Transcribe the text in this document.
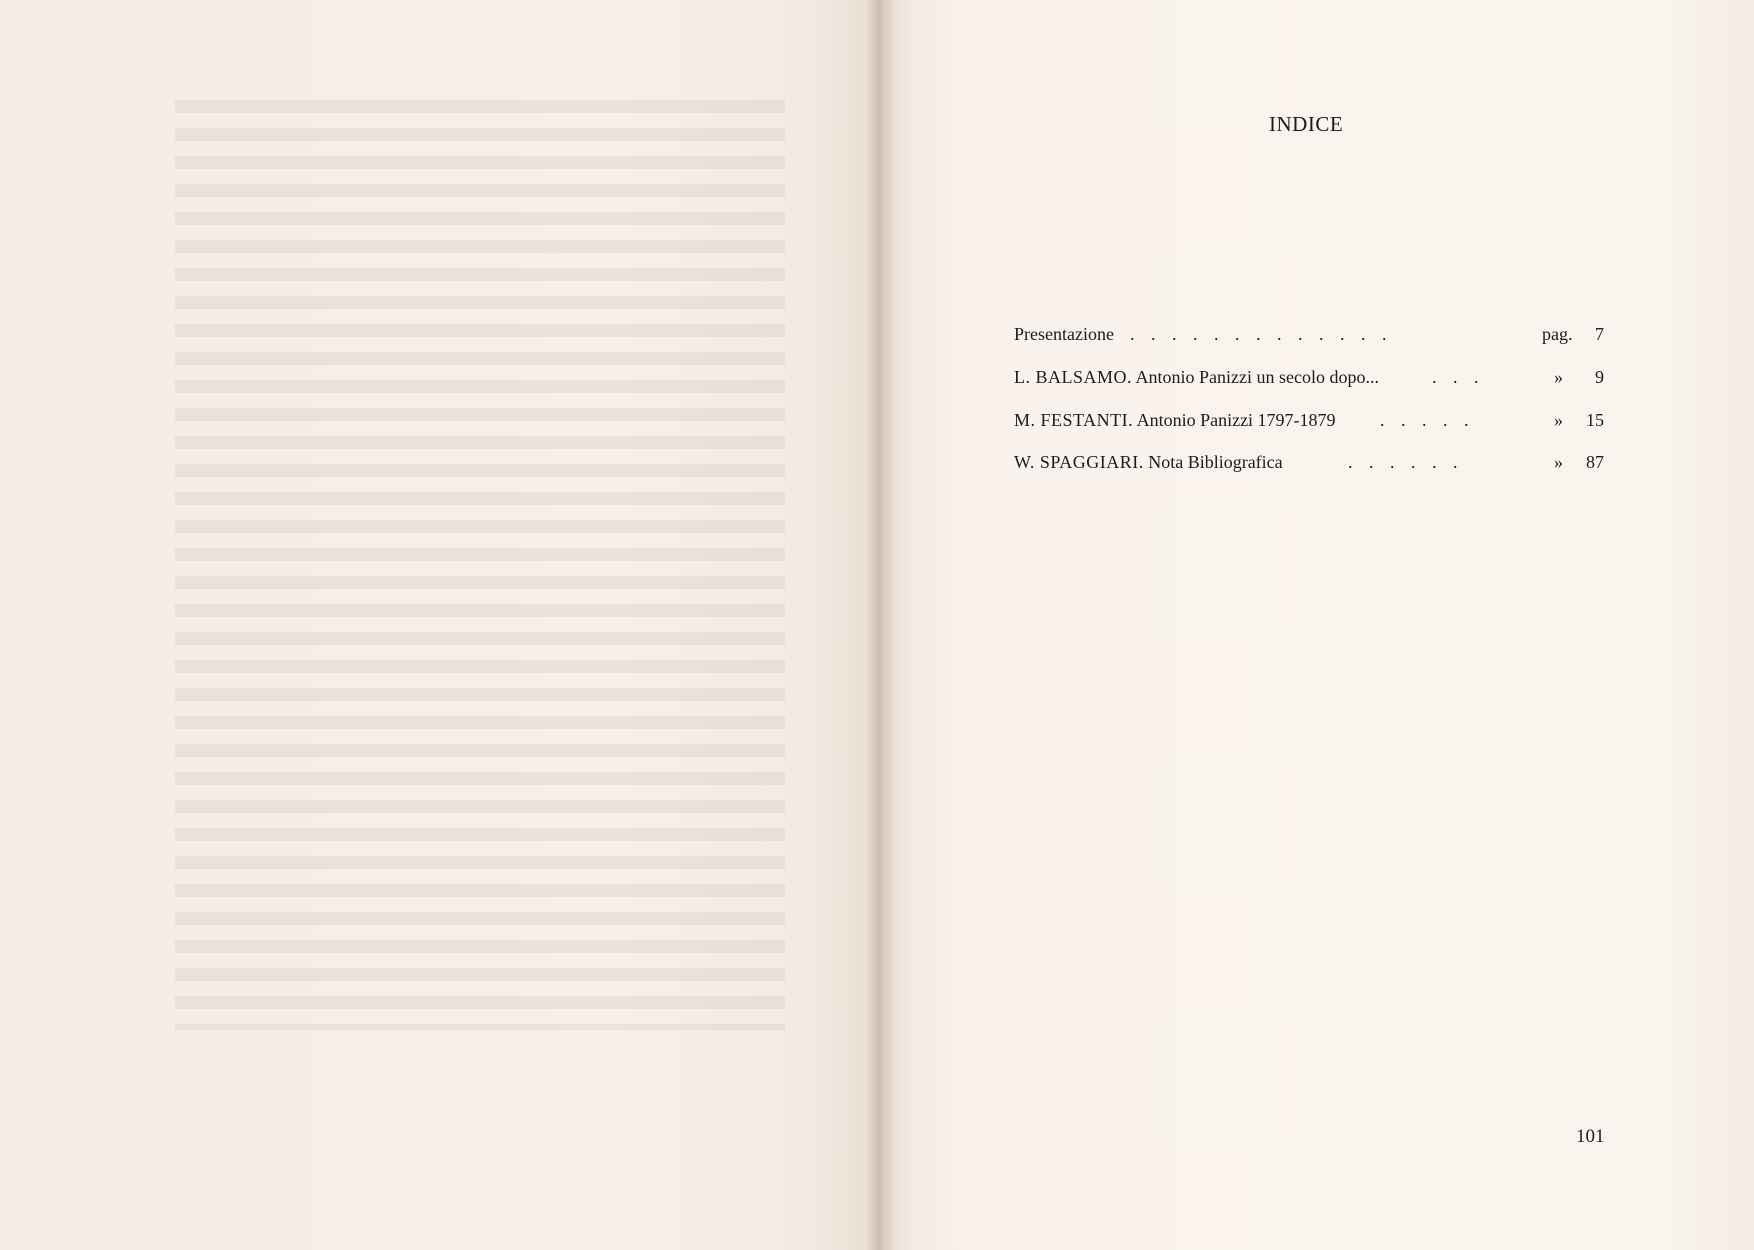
INDICE
Presentazione . . . . . . . . . . . . .	pag. 7
L. BALSAMO. Antonio Panizzi un secolo dopo...	. . .	» 9
M. FESTANTI. Antonio Panizzi 1797-1879 . . . . .	» 15
W. SPAGGIARI. Nota Bibliografica	. . . . . .	» 87
101
